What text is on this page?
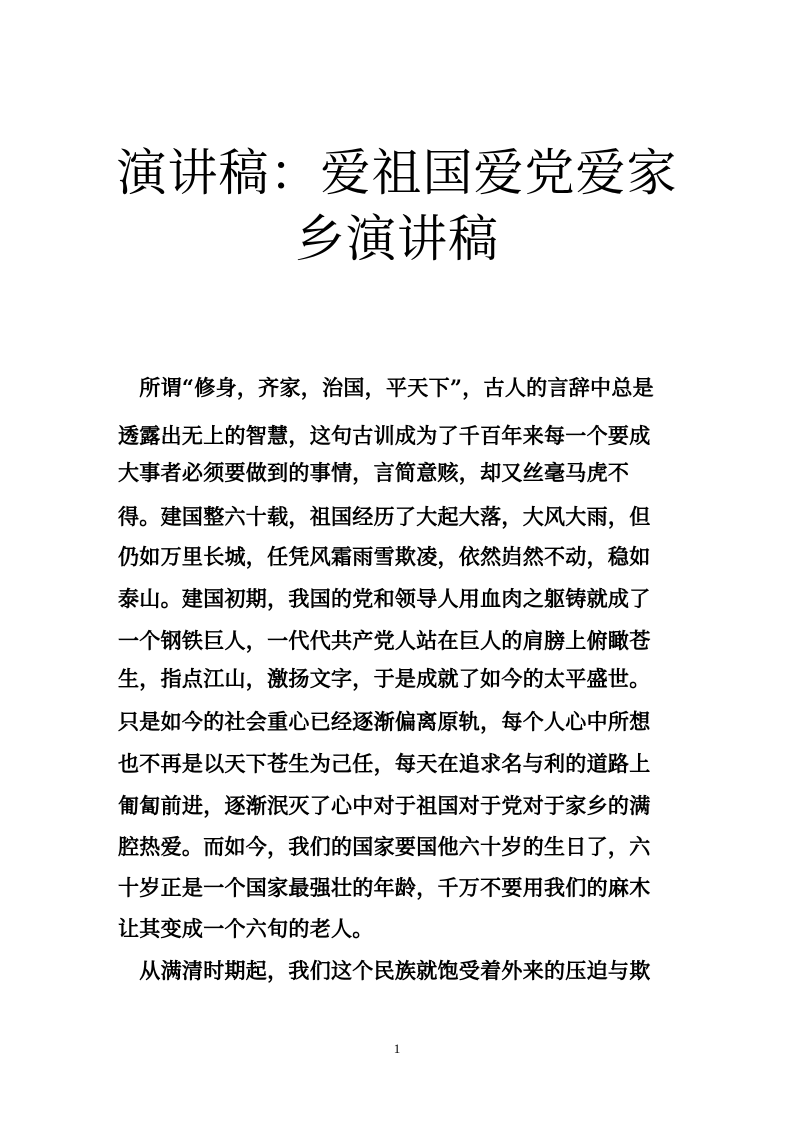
演讲稿：爱祖国爱党爱家
乡演讲稿
　所谓“修身，齐家，治国，平天下”，古人的言辞中总是
透露出无上的智慧，这句古训成为了千百年来每一个要成
大事者必须要做到的事情，言简意赅，却又丝毫马虎不
得。建国整六十载，祖国经历了大起大落，大风大雨，但
仍如万里长城，任凭风霜雨雪欺凌，依然岿然不动，稳如
泰山。建国初期，我国的党和领导人用血肉之躯铸就成了
一个钢铁巨人，一代代共产党人站在巨人的肩膀上俯瞰苍
生，指点江山，激扬文字，于是成就了如今的太平盛世。
只是如今的社会重心已经逐渐偏离原轨，每个人心中所想
也不再是以天下苍生为己任，每天在追求名与利的道路上
匍匐前进，逐渐泯灭了心中对于祖国对于党对于家乡的满
腔热爱。而如今，我们的国家要国他六十岁的生日了，六
十岁正是一个国家最强壮的年龄，千万不要用我们的麻木
让其变成一个六旬的老人。
　从满清时期起，我们这个民族就饱受着外来的压迫与欺
1
